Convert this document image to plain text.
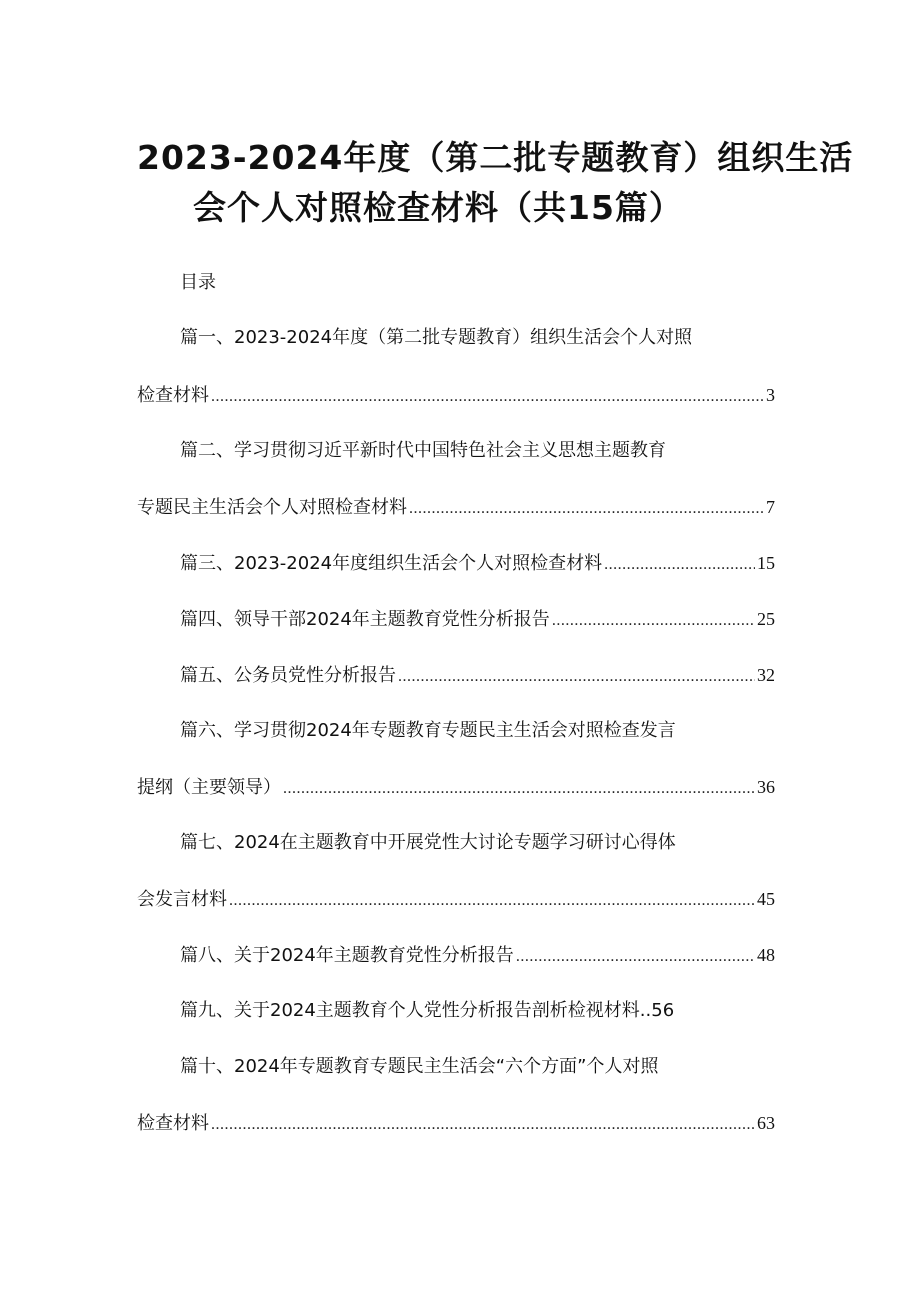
2023-2024年度（第二批专题教育）组织生活
会个人对照检查材料（共15篇）
目录
篇一、2023-2024年度（第二批专题教育）组织生活会个人对照
检查材料 .....	3
篇二、学习贯彻习近平新时代中国特色社会主义思想主题教育
专题民主生活会个人对照检查材料 .....	7
篇三、2023-2024年度组织生活会个人对照检查材料 .....	15
篇四、领导干部2024年主题教育党性分析报告 .....	25
篇五、公务员党性分析报告 .....	32
篇六、学习贯彻2024年专题教育专题民主生活会对照检查发言
提纲（主要领导） .....	36
篇七、2024在主题教育中开展党性大讨论专题学习研讨心得体
会发言材料 .....	45
篇八、关于2024年主题教育党性分析报告 .....	48
篇九、关于2024主题教育个人党性分析报告剖析检视材料..56
篇十、2024年专题教育专题民主生活会“六个方面”个人对照
检查材料 .....	63
